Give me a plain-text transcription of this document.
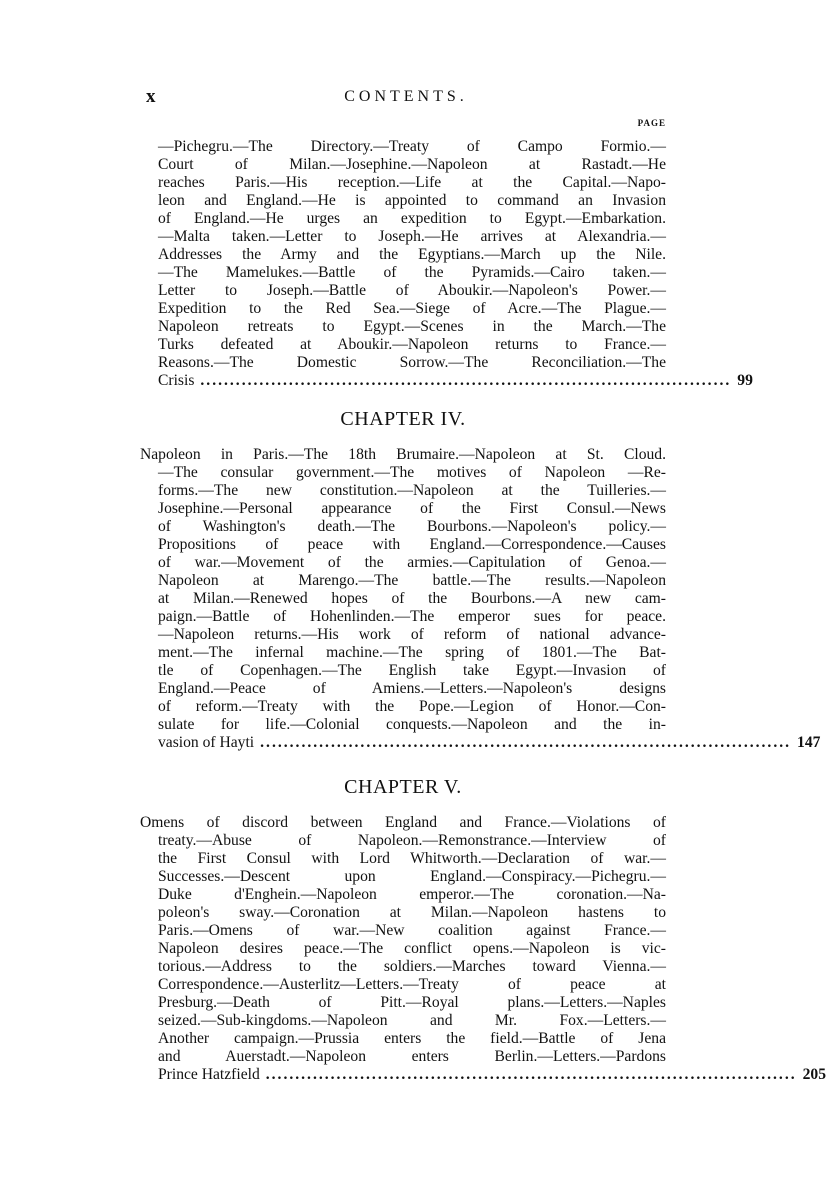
x	CONTENTS.
PAGE
—Pichegru.—The Directory.—Treaty of Campo Formio.—
Court of Milan.—Josephine.—Napoleon at Rastadt.—He
reaches Paris.—His reception.—Life at the Capital.—Napo-
leon and England.—He is appointed to command an Invasion
of England.—He urges an expedition to Egypt.—Embarkation.
—Malta taken.—Letter to Joseph.—He arrives at Alexandria.—
Addresses the Army and the Egyptians.—March up the Nile.
—The Mamelukes.—Battle of the Pyramids.—Cairo taken.—
Letter to Joseph.—Battle of Aboukir.—Napoleon's Power.—
Expedition to the Red Sea.—Siege of Acre.—The Plague.—
Napoleon retreats to Egypt.—Scenes in the March.—The
Turks defeated at Aboukir.—Napoleon returns to France.—
Reasons.—The Domestic Sorrow.—The Reconciliation.—The
Crisis .......................................................................................... 99
CHAPTER IV.
Napoleon in Paris.—The 18th Brumaire.—Napoleon at St. Cloud.
—The consular government.—The motives of Napoleon —Re-
forms.—The new constitution.—Napoleon at the Tuilleries.—
Josephine.—Personal appearance of the First Consul.—News
of Washington's death.—The Bourbons.—Napoleon's policy.—
Propositions of peace with England.—Correspondence.—Causes
of war.—Movement of the armies.—Capitulation of Genoa.—
Napoleon at Marengo.—The battle.—The results.—Napoleon
at Milan.—Renewed hopes of the Bourbons.—A new cam-
paign.—Battle of Hohenlinden.—The emperor sues for peace.
—Napoleon returns.—His work of reform of national advance-
ment.—The infernal machine.—The spring of 1801.—The Bat-
tle of Copenhagen.—The English take Egypt.—Invasion of
England.—Peace of Amiens.—Letters.—Napoleon's designs
of reform.—Treaty with the Pope.—Legion of Honor.—Con-
sulate for life.—Colonial conquests.—Napoleon and the in-
vasion of Hayti .......................................................................................... 147
CHAPTER V.
Omens of discord between England and France.—Violations of
treaty.—Abuse of Napoleon.—Remonstrance.—Interview of
the First Consul with Lord Whitworth.—Declaration of war.—
Successes.—Descent upon England.—Conspiracy.—Pichegru.—
Duke d'Enghein.—Napoleon emperor.—The coronation.—Na-
poleon's sway.—Coronation at Milan.—Napoleon hastens to
Paris.—Omens of war.—New coalition against France.—
Napoleon desires peace.—The conflict opens.—Napoleon is vic-
torious.—Address to the soldiers.—Marches toward Vienna.—
Correspondence.—Austerlitz—Letters.—Treaty of peace at
Presburg.—Death of Pitt.—Royal plans.—Letters.—Naples
seized.—Sub-kingdoms.—Napoleon and Mr. Fox.—Letters.—
Another campaign.—Prussia enters the field.—Battle of Jena
and Auerstadt.—Napoleon enters Berlin.—Letters.—Pardons
Prince Hatzfield .......................................................................................... 205
